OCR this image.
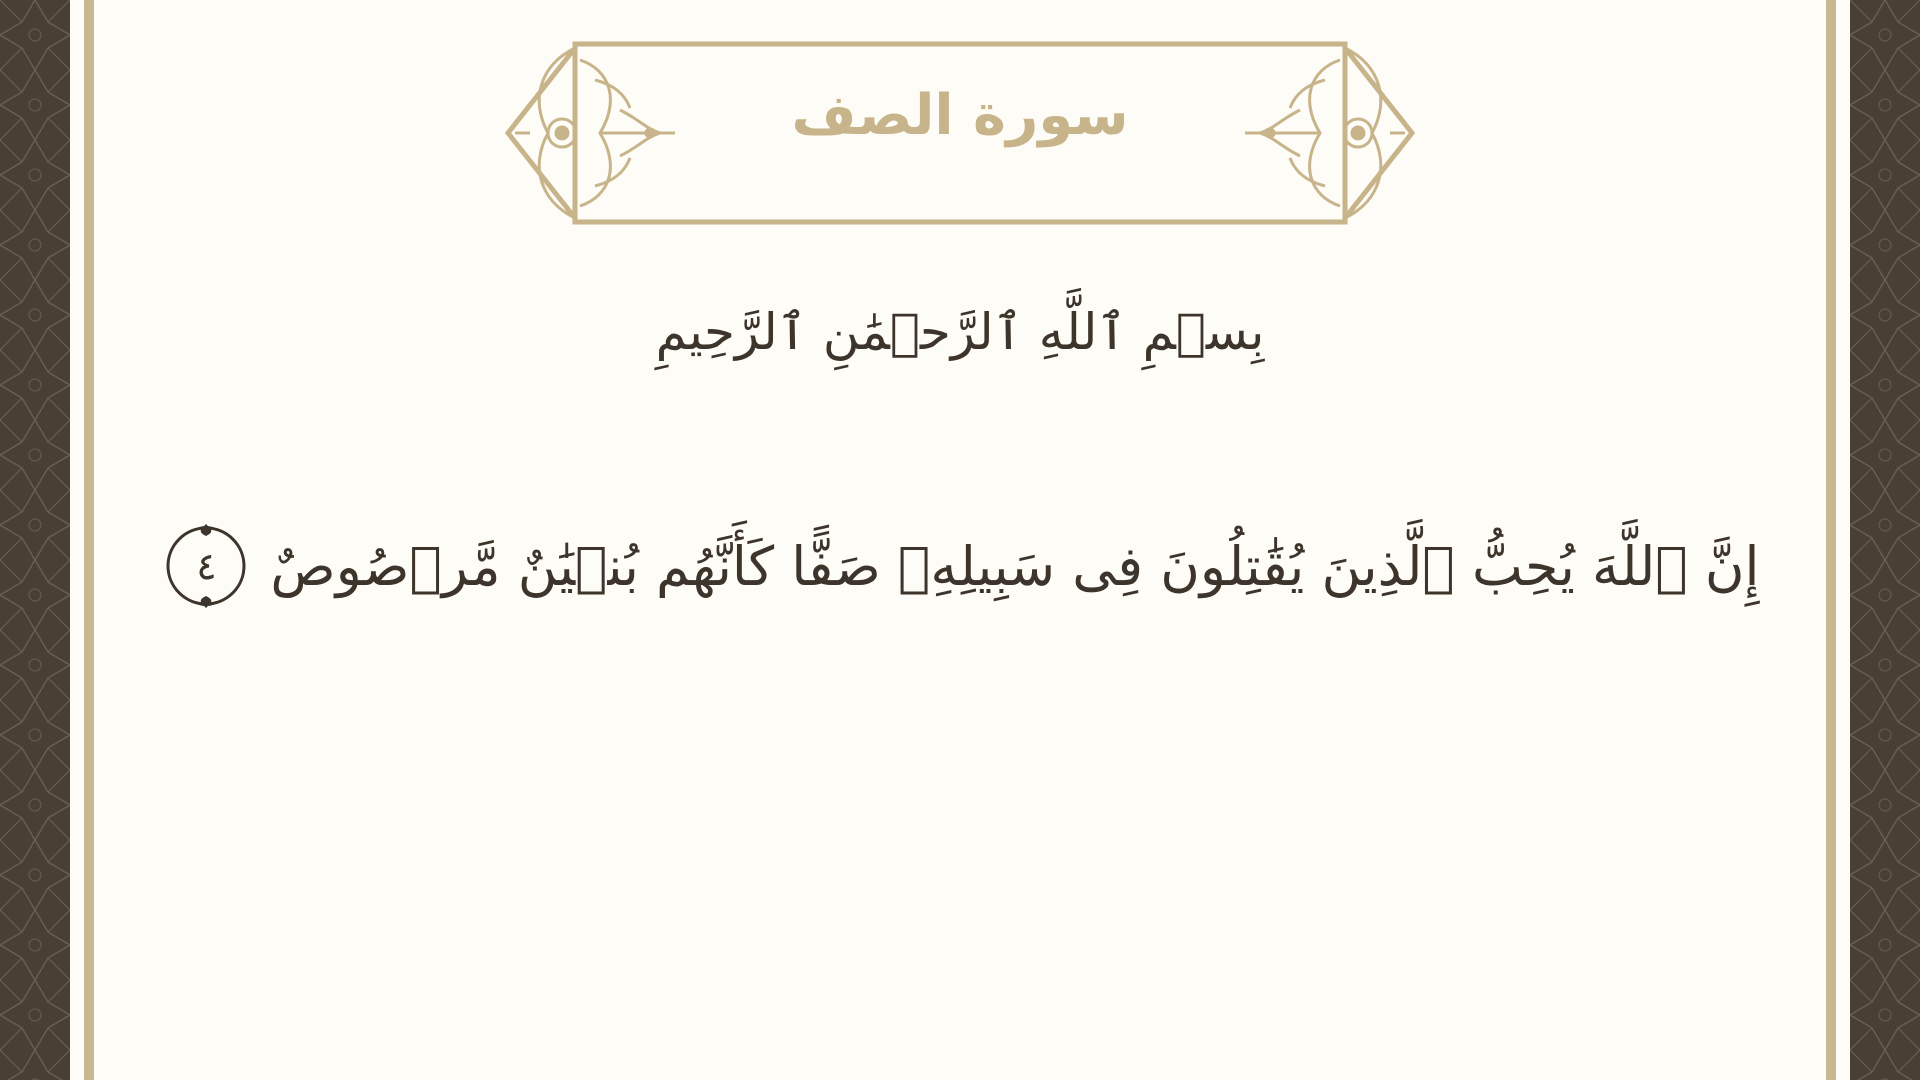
سورة الصف
بِسۡمِ ٱللَّهِ ٱلرَّحۡمَٰنِ ٱلرَّحِيمِ
إِنَّ ٱللَّهَ يُحِبُّ ٱلَّذِينَ يُقَٰتِلُونَ فِى سَبِيلِهِۦ صَفًّا كَأَنَّهُم بُنۡيَٰنٌ مَّرۡصُوصٌ
٤
